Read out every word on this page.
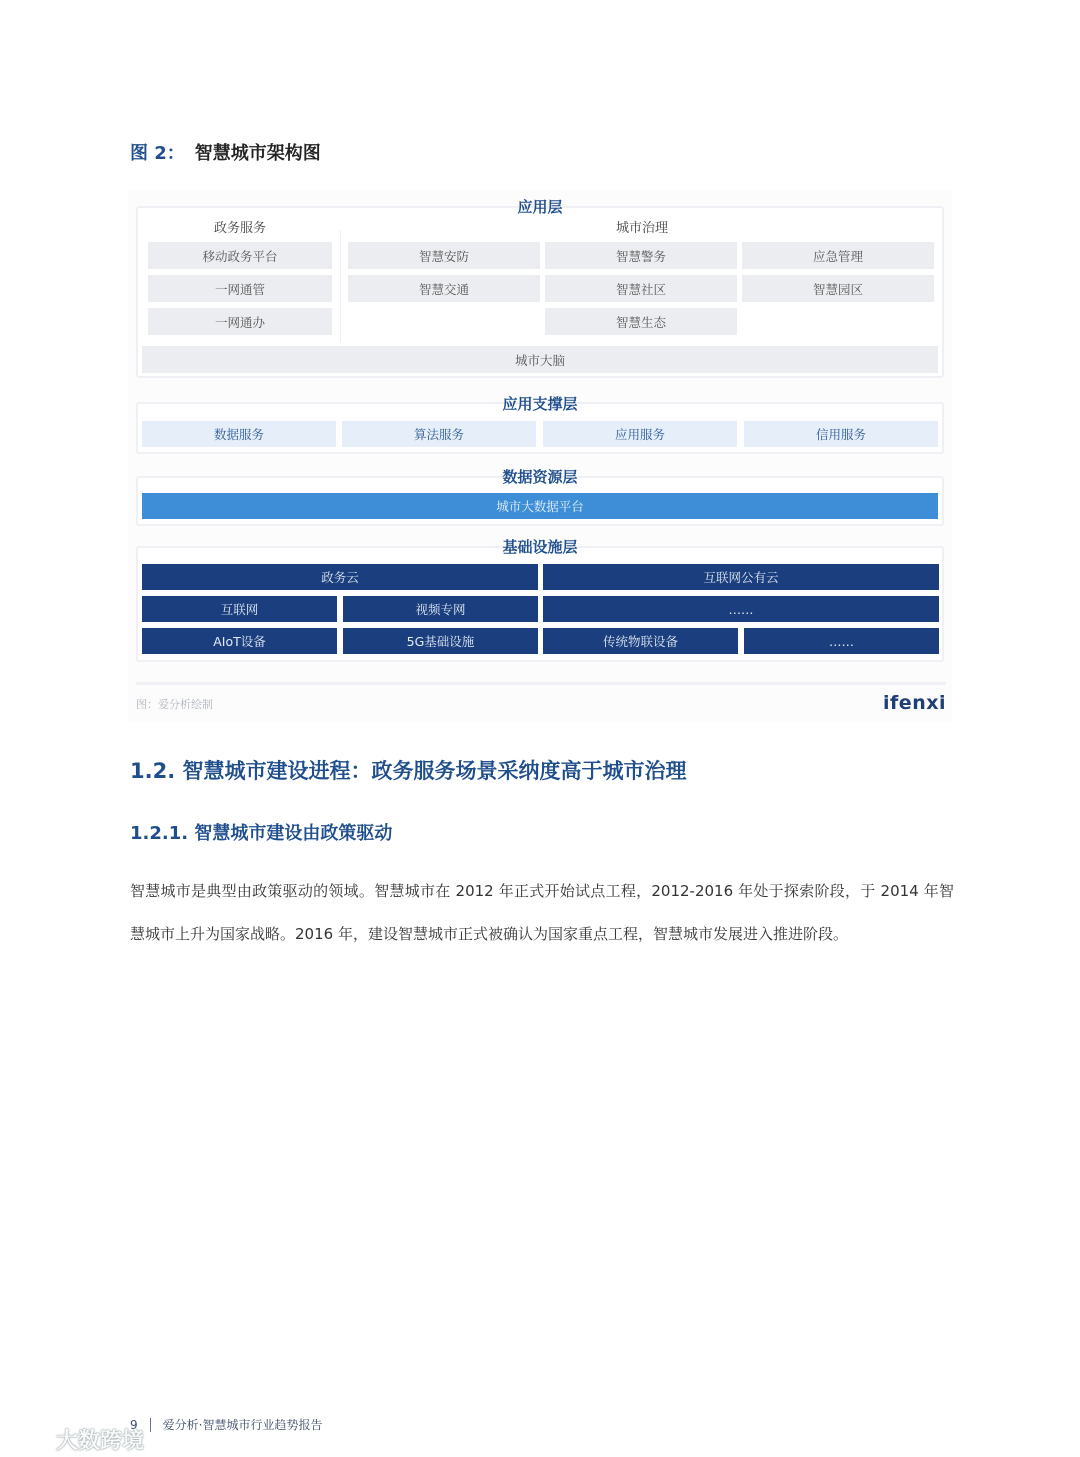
图 2： 智慧城市架构图
应用层
政务服务	城市治理
移动政务平台
一网通管
一网通办
智慧安防	智慧警务	应急管理
智慧交通	智慧社区	智慧园区
智慧生态
城市大脑
应用支撑层
数据服务	算法服务	应用服务	信用服务
数据资源层
城市大数据平台
基础设施层
政务云	互联网公有云
互联网	视频专网	……
AIoT设备	5G基础设施	传统物联设备	……
图：爱分析绘制	ifenxi
1.2. 智慧城市建设进程：政务服务场景采纳度高于城市治理
1.2.1. 智慧城市建设由政策驱动
智慧城市是典型由政策驱动的领域。智慧城市在 2012 年正式开始试点工程，2012-2016 年处于探索阶段，于 2014 年智慧城市上升为国家战略。2016 年，建设智慧城市正式被确认为国家重点工程，智慧城市发展进入推进阶段。
9 爱分析·智慧城市行业趋势报告
大数跨境
